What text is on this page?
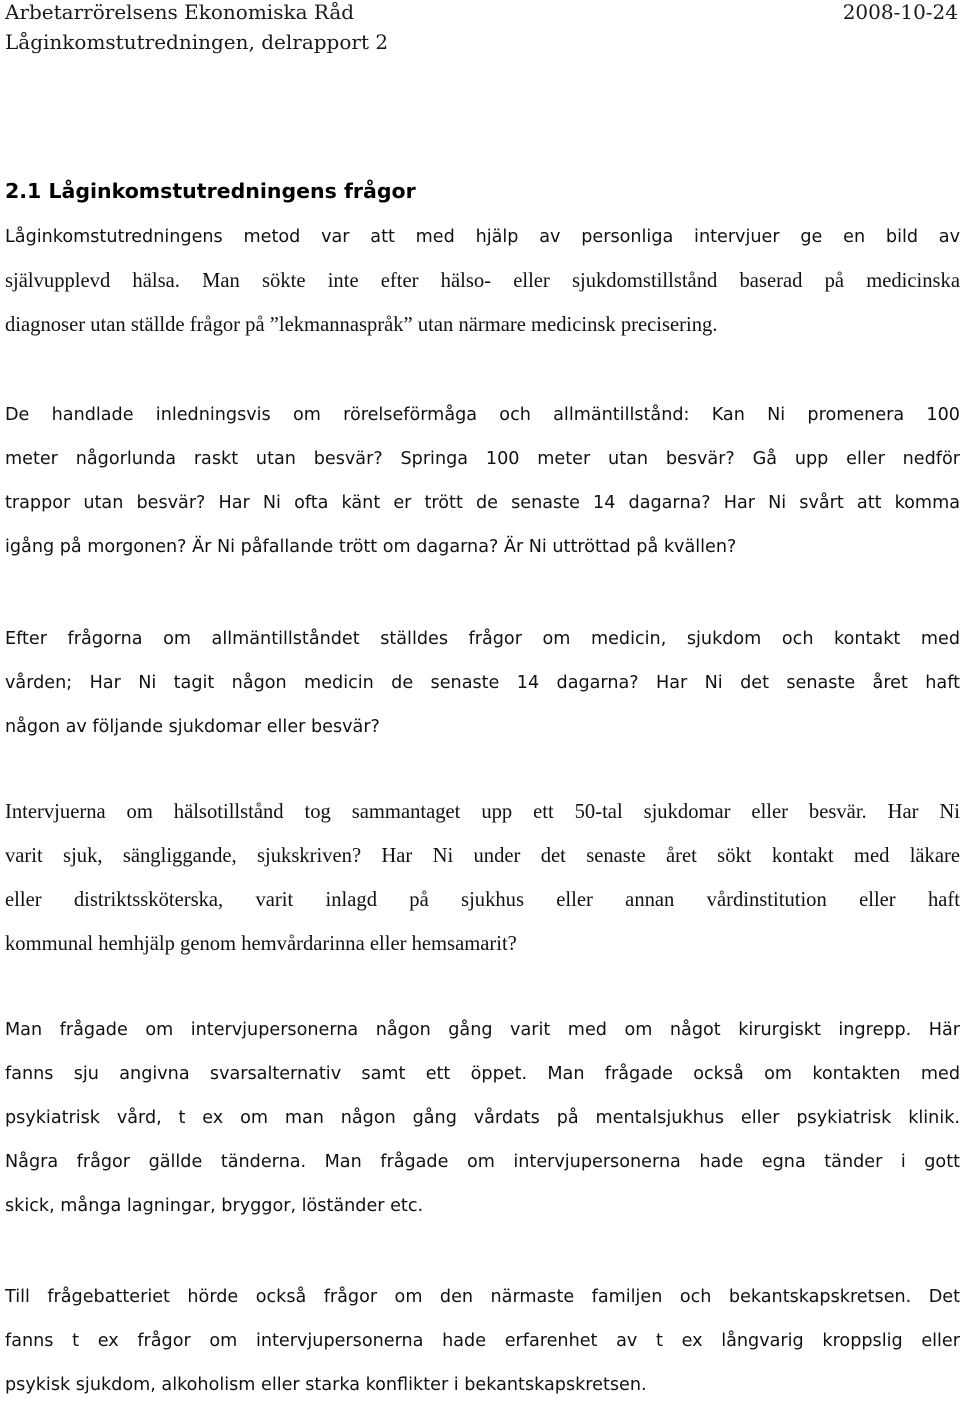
Arbetarrörelsens Ekonomiska Råd	2008-10-24
Låginkomstutredningen, delrapport 2
2.1 Låginkomstutredningens frågor

Låginkomstutredningens metod var att med hjälp av personliga intervjuer ge en bild av
självupplevd hälsa. Man sökte inte efter hälso- eller sjukdomstillstånd baserad på medicinska
diagnoser utan ställde frågor på ”lekmannaspråk” utan närmare medicinsk precisering.

De handlade inledningsvis om rörelseförmåga och allmäntillstånd: Kan Ni promenera 100
meter någorlunda raskt utan besvär? Springa 100 meter utan besvär? Gå upp eller nedför
trappor utan besvär? Har Ni ofta känt er trött de senaste 14 dagarna? Har Ni svårt att komma
igång på morgonen? Är Ni påfallande trött om dagarna? Är Ni uttröttad på kvällen?

Efter frågorna om allmäntillståndet ställdes frågor om medicin, sjukdom och kontakt med
vården; Har Ni tagit någon medicin de senaste 14 dagarna? Har Ni det senaste året haft
någon av följande sjukdomar eller besvär?

Intervjuerna om hälsotillstånd tog sammantaget upp ett 50-tal sjukdomar eller besvär. Har Ni
varit sjuk, sängliggande, sjukskriven? Har Ni under det senaste året sökt kontakt med läkare
eller distriktssköterska, varit inlagd på sjukhus eller annan vårdinstitution eller haft
kommunal hemhjälp genom hemvårdarinna eller hemsamarit?

Man frågade om intervjupersonerna någon gång varit med om något kirurgiskt ingrepp. Här
fanns sju angivna svarsalternativ samt ett öppet. Man frågade också om kontakten med
psykiatrisk vård, t ex om man någon gång vårdats på mentalsjukhus eller psykiatrisk klinik.
Några frågor gällde tänderna. Man frågade om intervjupersonerna hade egna tänder i gott
skick, många lagningar, bryggor, löständer etc.

Till frågebatteriet hörde också frågor om den närmaste familjen och bekantskapskretsen. Det
fanns t ex frågor om intervjupersonerna hade erfarenhet av t ex långvarig kroppslig eller
psykisk sjukdom, alkoholism eller starka konflikter i bekantskapskretsen.
